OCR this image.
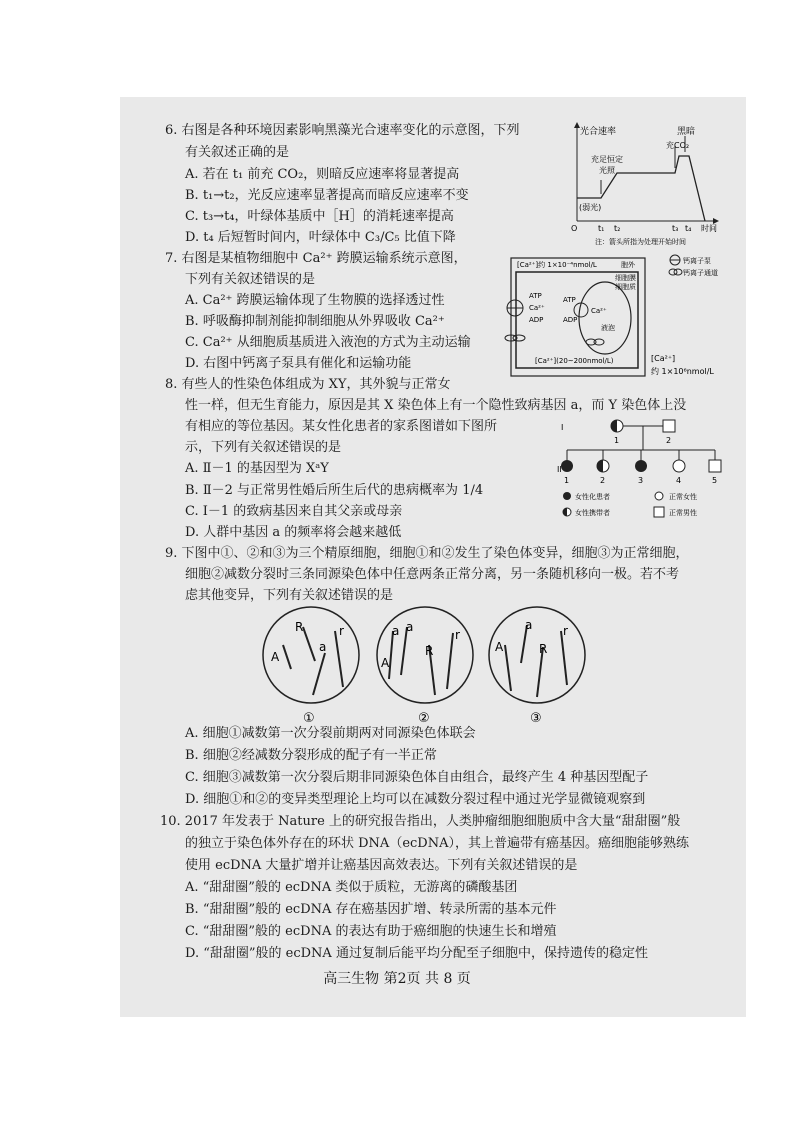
6. 右图是各种环境因素影响黑藻光合速率变化的示意图，下列
有关叙述正确的是
A. 若在 t₁ 前充 CO₂，则暗反应速率将显著提高
B. t₁→t₂，光反应速率显著提高而暗反应速率不变
C. t₃→t₄，叶绿体基质中［H］的消耗速率提高
D. t₄ 后短暂时间内，叶绿体中 C₃/C₅ 比值下降
光合速率	黑暗
充CO₂
充足恒定
光照
(弱光)
O	t₁ t₂	t₃ t₄ 时间
注：箭头所指为处理开始时间
7. 右图是某植物细胞中 Ca²⁺ 跨膜运输系统示意图，
下列有关叙述错误的是
A. Ca²⁺ 跨膜运输体现了生物膜的选择透过性
B. 呼吸酶抑制剂能抑制细胞从外界吸收 Ca²⁺
C. Ca²⁺ 从细胞质基质进入液泡的方式为主动运输
D. 右图中钙离子泵具有催化和运输功能
[Ca²⁺]约 1×10⁻⁴nmol/L	胞外
细胞膜
细胞质
ATP
Ca²⁺
ADP
ATP
ADP
Ca²⁺
液泡
[Ca²⁺](20~200nmol/L)	[Ca²⁺]
约 1×10⁶nmol/L
钙离子泵
钙离子通道
8. 有些人的性染色体组成为 XY，其外貌与正常女
性一样，但无生育能力，原因是其 X 染色体上有一个隐性致病基因 a，而 Y 染色体上没
有相应的等位基因。某女性化患者的家系图谱如下图所
示，下列有关叙述错误的是
A. Ⅱ－1 的基因型为 XᵃY
B. Ⅱ－2 与正常男性婚后所生后代的患病概率为 1/4
C. Ⅰ－1 的致病基因来自其父亲或母亲
D. 人群中基因 a 的频率将会越来越低
I
II
1	2
1	2	3	4	5
女性化患者	正常女性
女性携带者	正常男性
9. 下图中①、②和③为三个精原细胞，细胞①和②发生了染色体变异，细胞③为正常细胞，
细胞②减数分裂时三条同源染色体中任意两条正常分离，另一条随机移向一极。若不考
虑其他变异，下列有关叙述错误的是
A
R
a
r	a a
A
R
r
a
A	R
r
①	②	③
A. 细胞①减数第一次分裂前期两对同源染色体联会
B. 细胞②经减数分裂形成的配子有一半正常
C. 细胞③减数第一次分裂后期非同源染色体自由组合，最终产生 4 种基因型配子
D. 细胞①和②的变异类型理论上均可以在减数分裂过程中通过光学显微镜观察到
10. 2017 年发表于 Nature 上的研究报告指出，人类肿瘤细胞细胞质中含大量“甜甜圈”般
的独立于染色体外存在的环状 DNA（ecDNA），其上普遍带有癌基因。癌细胞能够熟练
使用 ecDNA 大量扩增并让癌基因高效表达。下列有关叙述错误的是
A. “甜甜圈”般的 ecDNA 类似于质粒，无游离的磷酸基团
B. “甜甜圈”般的 ecDNA 存在癌基因扩增、转录所需的基本元件
C. “甜甜圈”般的 ecDNA 的表达有助于癌细胞的快速生长和增殖
D. “甜甜圈”般的 ecDNA 通过复制后能平均分配至子细胞中，保持遗传的稳定性
高三生物 第2页 共 8 页
